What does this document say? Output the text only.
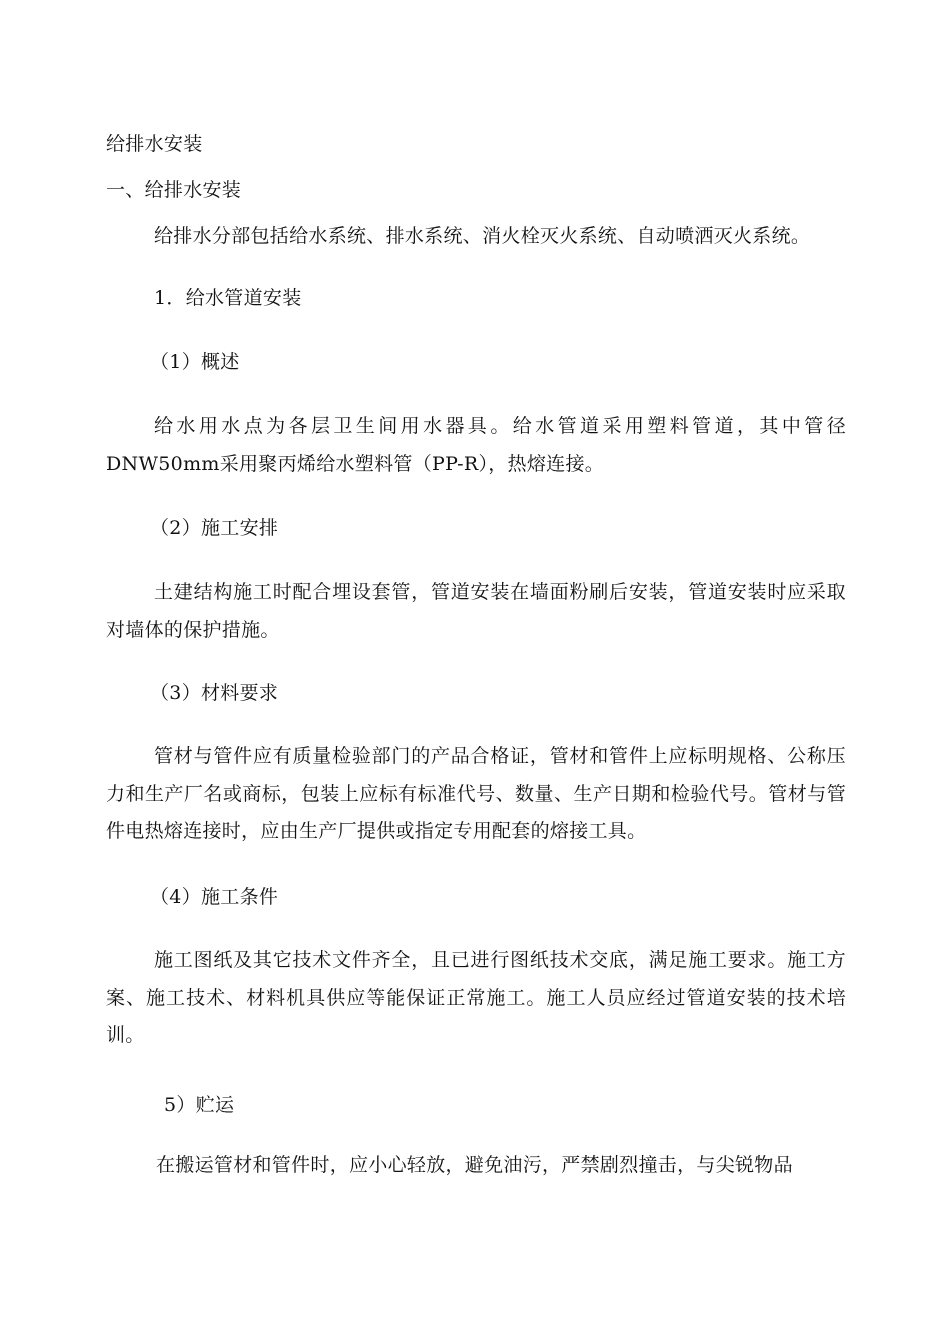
给排水安装
一、给排水安装
给排水分部包括给水系统、排水系统、消火栓灭火系统、自动喷洒灭火系统。
1．给水管道安装
（1）概述
给水用水点为各层卫生间用水器具。给水管道采用塑料管道，其中管径DNW50mm采用聚丙烯给水塑料管（PP-R），热熔连接。
（2）施工安排
土建结构施工时配合埋设套管，管道安装在墙面粉刷后安装，管道安装时应采取对墙体的保护措施。
（3）材料要求
管材与管件应有质量检验部门的产品合格证，管材和管件上应标明规格、公称压力和生产厂名或商标，包装上应标有标准代号、数量、生产日期和检验代号。管材与管件电热熔连接时，应由生产厂提供或指定专用配套的熔接工具。
（4）施工条件
施工图纸及其它技术文件齐全，且已进行图纸技术交底，满足施工要求。施工方案、施工技术、材料机具供应等能保证正常施工。施工人员应经过管道安装的技术培训。
5）贮运
在搬运管材和管件时，应小心轻放，避免油污，严禁剧烈撞击，与尖锐物品
